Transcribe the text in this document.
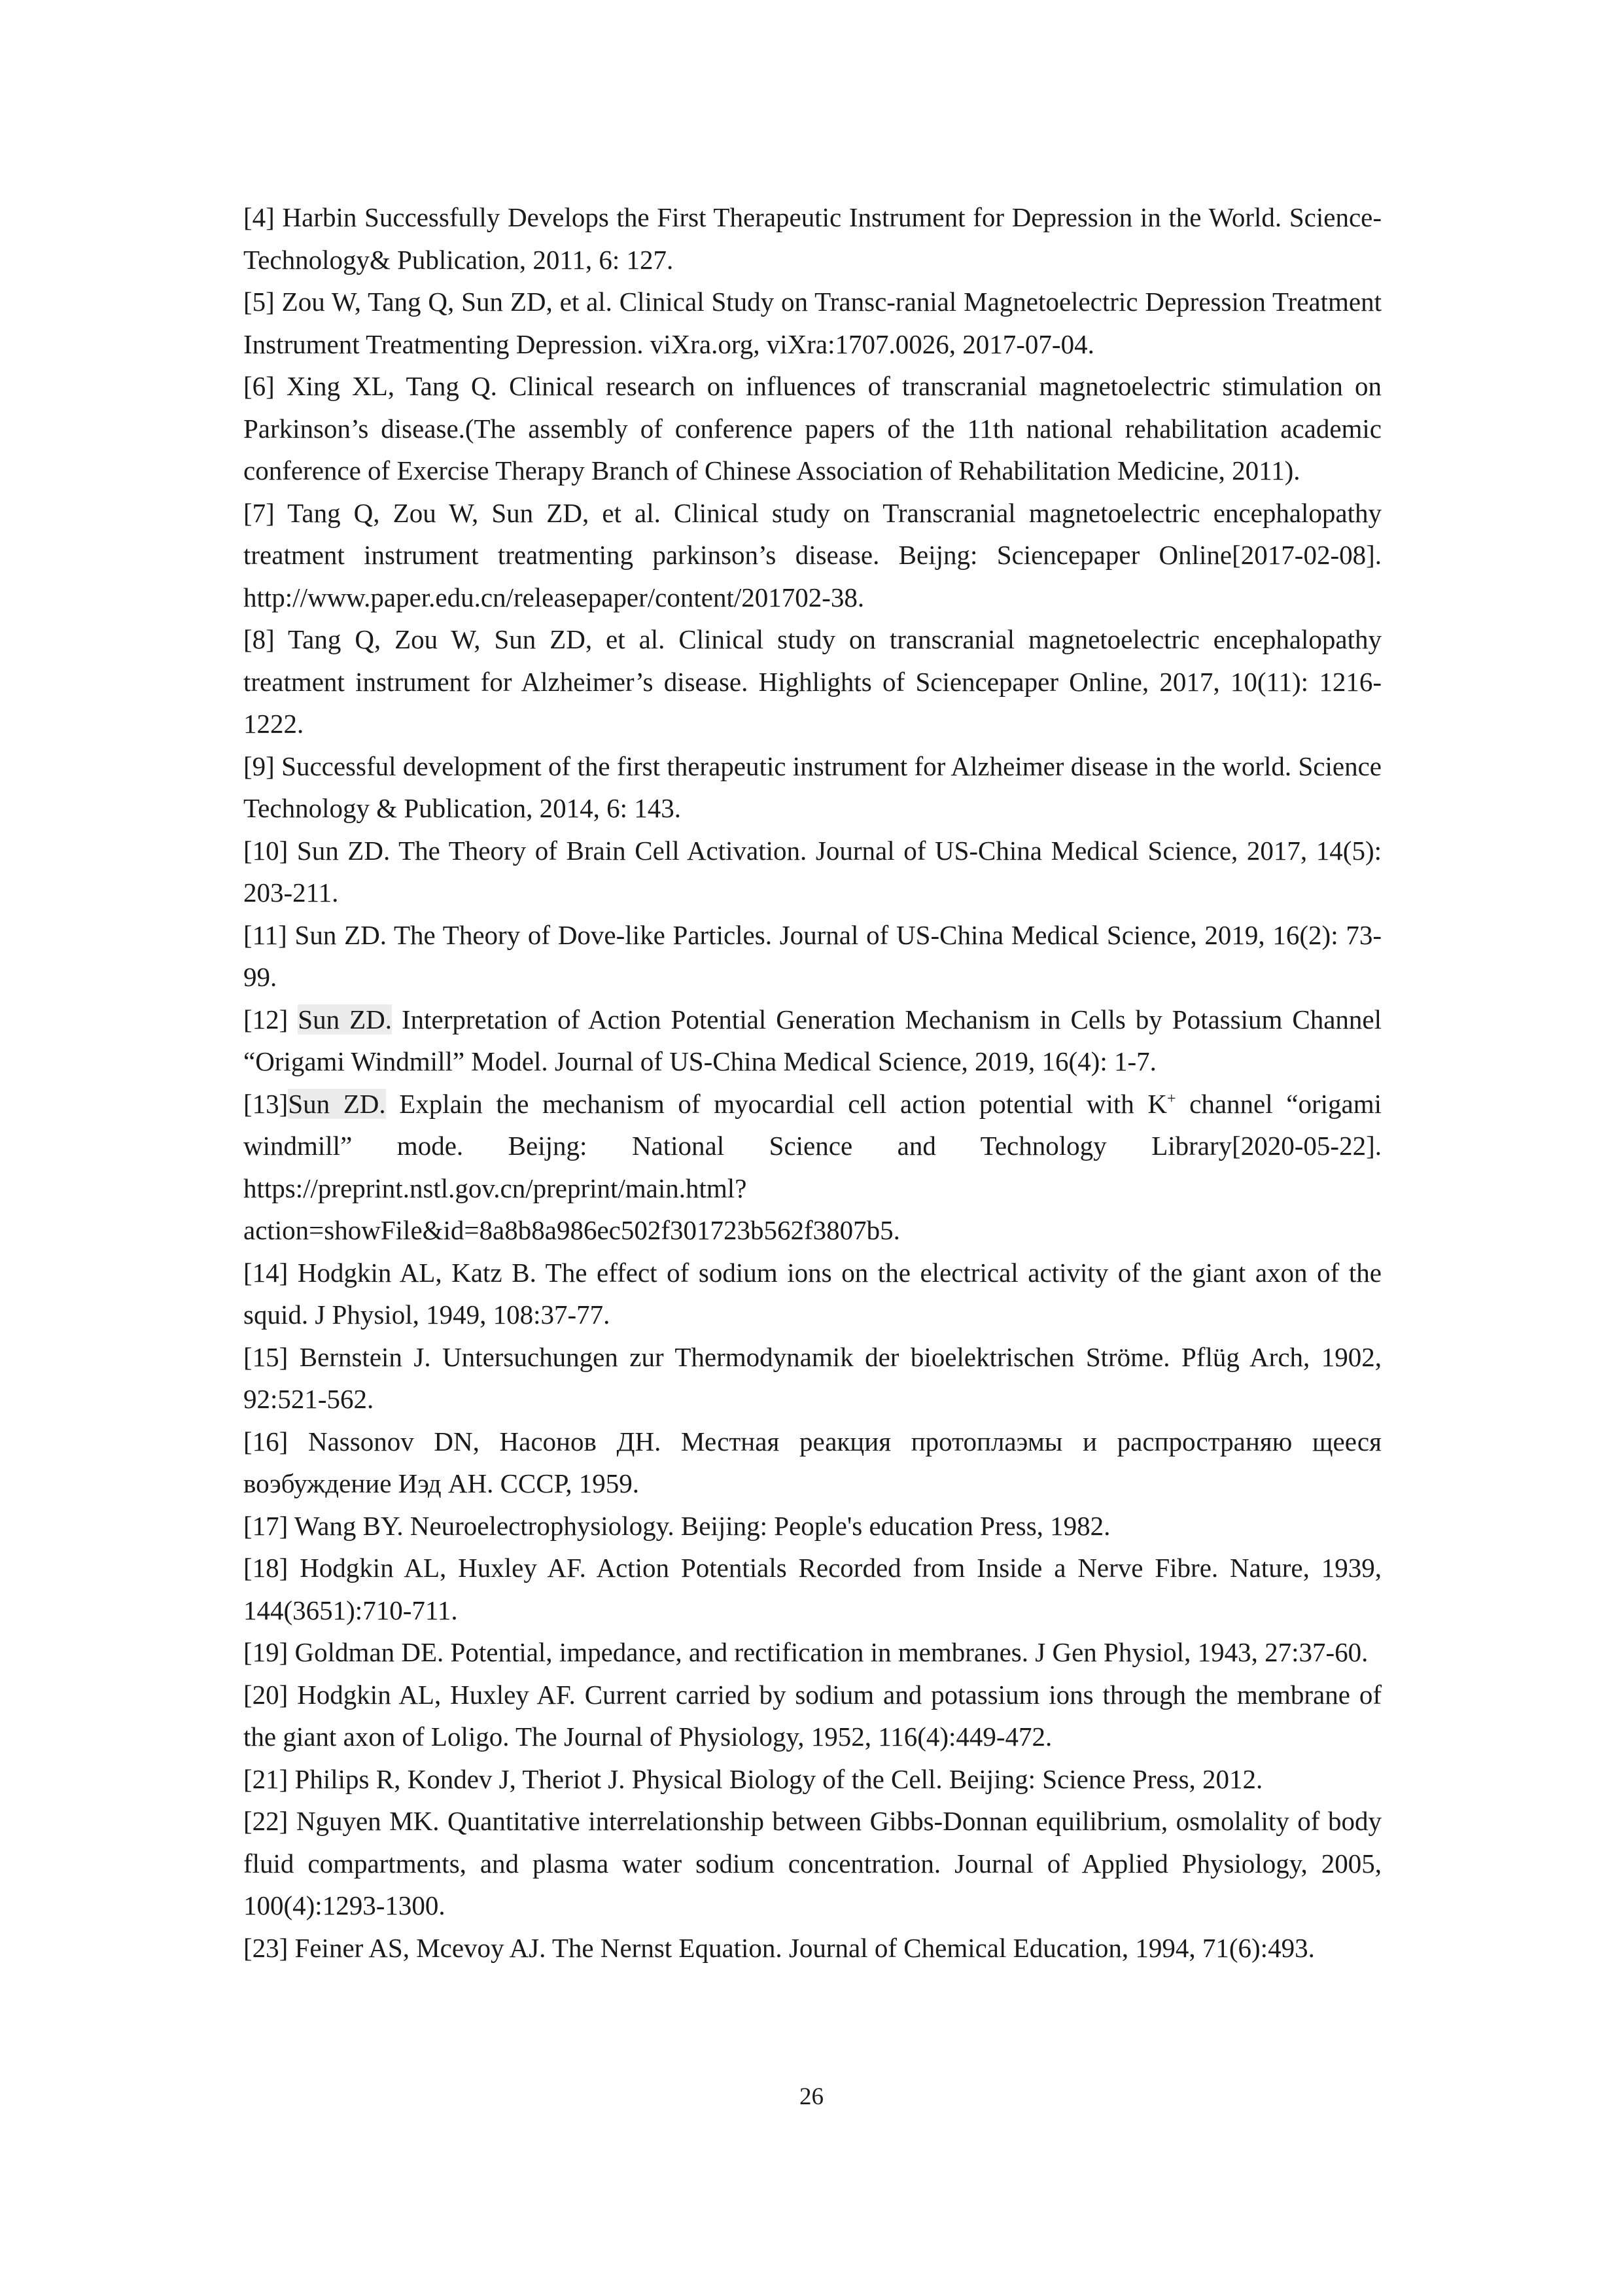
[4] Harbin Successfully Develops the First Therapeutic Instrument for Depression in the World. Science-Technology& Publication, 2011, 6: 127.
[5] Zou W, Tang Q, Sun ZD, et al. Clinical Study on Transc-ranial Magnetoelectric Depression Treatment Instrument Treatmenting Depression. viXra.org, viXra:1707.0026, 2017-07-04.
[6] Xing XL, Tang Q. Clinical research on influences of transcranial magnetoelectric stimulation on Parkinson’s disease.(The assembly of conference papers of the 11th national rehabilitation academic conference of Exercise Therapy Branch of Chinese Association of Rehabilitation Medicine, 2011).
[7] Tang Q, Zou W, Sun ZD, et al. Clinical study on Transcranial magnetoelectric encephalopathy treatment instrument treatmenting parkinson’s disease. Beijng: Sciencepaper Online[2017-02-08]. http://www.paper.edu.cn/releasepaper/content/201702-38.
[8] Tang Q, Zou W, Sun ZD, et al. Clinical study on transcranial magnetoelectric encephalopathy treatment instrument for Alzheimer’s disease. Highlights of Sciencepaper Online, 2017, 10(11): 1216-1222.
[9] Successful development of the first therapeutic instrument for Alzheimer disease in the world. Science Technology & Publication, 2014, 6: 143.
[10] Sun ZD. The Theory of Brain Cell Activation. Journal of US-China Medical Science, 2017, 14(5): 203-211.
[11] Sun ZD. The Theory of Dove-like Particles. Journal of US-China Medical Science, 2019, 16(2): 73-99.
[12] Sun ZD. Interpretation of Action Potential Generation Mechanism in Cells by Potassium Channel “Origami Windmill” Model. Journal of US-China Medical Science, 2019, 16(4): 1-7.
[13]Sun ZD. Explain the mechanism of myocardial cell action potential with K+ channel “origami windmill” mode. Beijng: National Science and Technology Library[2020-05-22]. https://preprint.nstl.gov.cn/preprint/main.html?action=showFile&id=8a8b8a986ec502f301723b562f3807b5.
[14] Hodgkin AL, Katz B. The effect of sodium ions on the electrical activity of the giant axon of the squid. J Physiol, 1949, 108:37-77.
[15] Bernstein J. Untersuchungen zur Thermodynamik der bioelektrischen Ströme. Pflüg Arch, 1902, 92:521-562.
[16] Nassonov DN, Насонов ДН. Местная реакция протоплаэмы и распространяю щееся воэбуждение Иэд АН. СССР, 1959.
[17] Wang BY. Neuroelectrophysiology. Beijing: People's education Press, 1982.
[18] Hodgkin AL, Huxley AF. Action Potentials Recorded from Inside a Nerve Fibre. Nature, 1939, 144(3651):710-711.
[19] Goldman DE. Potential, impedance, and rectification in membranes. J Gen Physiol, 1943, 27:37-60.
[20] Hodgkin AL, Huxley AF. Current carried by sodium and potassium ions through the membrane of the giant axon of Loligo. The Journal of Physiology, 1952, 116(4):449-472.
[21] Philips R, Kondev J, Theriot J. Physical Biology of the Cell. Beijing: Science Press, 2012.
[22] Nguyen MK. Quantitative interrelationship between Gibbs-Donnan equilibrium, osmolality of body fluid compartments, and plasma water sodium concentration. Journal of Applied Physiology, 2005, 100(4):1293-1300.
[23] Feiner AS, Mcevoy AJ. The Nernst Equation. Journal of Chemical Education, 1994, 71(6):493.
26
